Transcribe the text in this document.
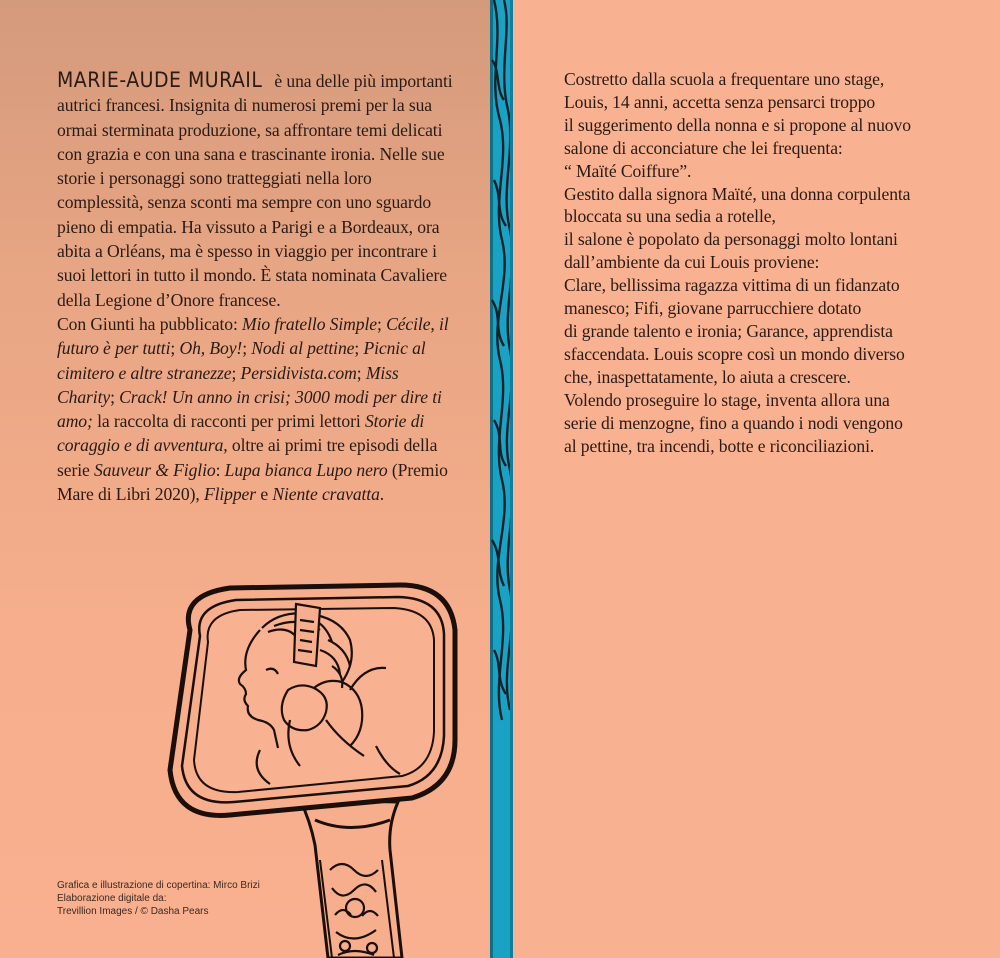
MARIE-AUDE MURAIL è una delle più importanti autrici francesi. Insignita di numerosi premi per la sua ormai sterminata produzione, sa affrontare temi delicati con grazia e con una sana e trascinante ironia. Nelle sue storie i personaggi sono tratteggiati nella loro complessità, senza sconti ma sempre con uno sguardo pieno di empatia. Ha vissuto a Parigi e a Bordeaux, ora abita a Orléans, ma è spesso in viaggio per incontrare i suoi lettori in tutto il mondo. È stata nominata Cavaliere della Legione d’Onore francese.

Con Giunti ha pubblicato: Mio fratello Simple; Cécile, il futuro è per tutti; Oh, Boy!; Nodi al pettine; Picnic al cimitero e altre stranezze; Persidivista.com; Miss Charity; Crack! Un anno in crisi; 3000 modi per dire ti amo; la raccolta di racconti per primi lettori Storie di coraggio e di avventura, oltre ai primi tre episodi della serie Sauveur & Figlio: Lupa bianca Lupo nero (Premio Mare di Libri 2020), Flipper e Niente cravatta.

Grafica e illustrazione di copertina: Mirco Brizi
Elaborazione digitale da:
Trevillion Images / © Dasha Pears
Costretto dalla scuola a frequentare uno stage,
Louis, 14 anni, accetta senza pensarci troppo
il suggerimento della nonna e si propone al nuovo
salone di acconciature che lei frequenta:
“ Maïté Coiffure”.
Gestito dalla signora Maïté, una donna corpulenta
bloccata su una sedia a rotelle,
il salone è popolato da personaggi molto lontani
dall’ambiente da cui Louis proviene:
Clare, bellissima ragazza vittima di un fidanzato
manesco; Fifi, giovane parrucchiere dotato
di grande talento e ironia; Garance, apprendista
sfaccendata. Louis scopre così un mondo diverso
che, inaspettatamente, lo aiuta a crescere.
Volendo proseguire lo stage, inventa allora una
serie di menzogne, fino a quando i nodi vengono
al pettine, tra incendi, botte e riconciliazioni.
